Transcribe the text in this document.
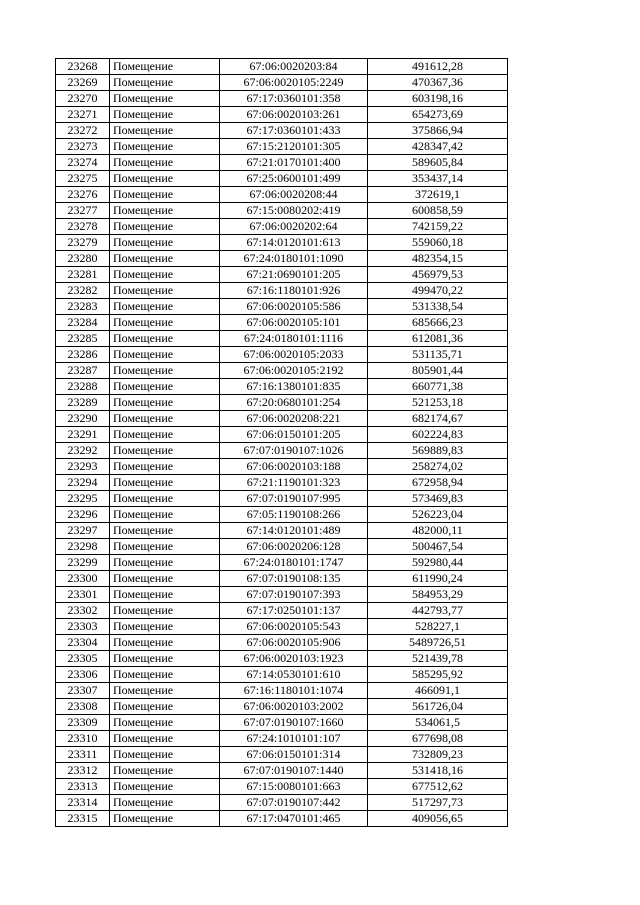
23268	Помещение	67:06:0020203:84	491612,28
23269	Помещение	67:06:0020105:2249	470367,36
23270	Помещение	67:17:0360101:358	603198,16
23271	Помещение	67:06:0020103:261	654273,69
23272	Помещение	67:17:0360101:433	375866,94
23273	Помещение	67:15:2120101:305	428347,42
23274	Помещение	67:21:0170101:400	589605,84
23275	Помещение	67:25:0600101:499	353437,14
23276	Помещение	67:06:0020208:44	372619,1
23277	Помещение	67:15:0080202:419	600858,59
23278	Помещение	67:06:0020202:64	742159,22
23279	Помещение	67:14:0120101:613	559060,18
23280	Помещение	67:24:0180101:1090	482354,15
23281	Помещение	67:21:0690101:205	456979,53
23282	Помещение	67:16:1180101:926	499470,22
23283	Помещение	67:06:0020105:586	531338,54
23284	Помещение	67:06:0020105:101	685666,23
23285	Помещение	67:24:0180101:1116	612081,36
23286	Помещение	67:06:0020105:2033	531135,71
23287	Помещение	67:06:0020105:2192	805901,44
23288	Помещение	67:16:1380101:835	660771,38
23289	Помещение	67:20:0680101:254	521253,18
23290	Помещение	67:06:0020208:221	682174,67
23291	Помещение	67:06:0150101:205	602224,83
23292	Помещение	67:07:0190107:1026	569889,83
23293	Помещение	67:06:0020103:188	258274,02
23294	Помещение	67:21:1190101:323	672958,94
23295	Помещение	67:07:0190107:995	573469,83
23296	Помещение	67:05:1190108:266	526223,04
23297	Помещение	67:14:0120101:489	482000,11
23298	Помещение	67:06:0020206:128	500467,54
23299	Помещение	67:24:0180101:1747	592980,44
23300	Помещение	67:07:0190108:135	611990,24
23301	Помещение	67:07:0190107:393	584953,29
23302	Помещение	67:17:0250101:137	442793,77
23303	Помещение	67:06:0020105:543	528227,1
23304	Помещение	67:06:0020105:906	5489726,51
23305	Помещение	67:06:0020103:1923	521439,78
23306	Помещение	67:14:0530101:610	585295,92
23307	Помещение	67:16:1180101:1074	466091,1
23308	Помещение	67:06:0020103:2002	561726,04
23309	Помещение	67:07:0190107:1660	534061,5
23310	Помещение	67:24:1010101:107	677698,08
23311	Помещение	67:06:0150101:314	732809,23
23312	Помещение	67:07:0190107:1440	531418,16
23313	Помещение	67:15:0080101:663	677512,62
23314	Помещение	67:07:0190107:442	517297,73
23315	Помещение	67:17:0470101:465	409056,65
